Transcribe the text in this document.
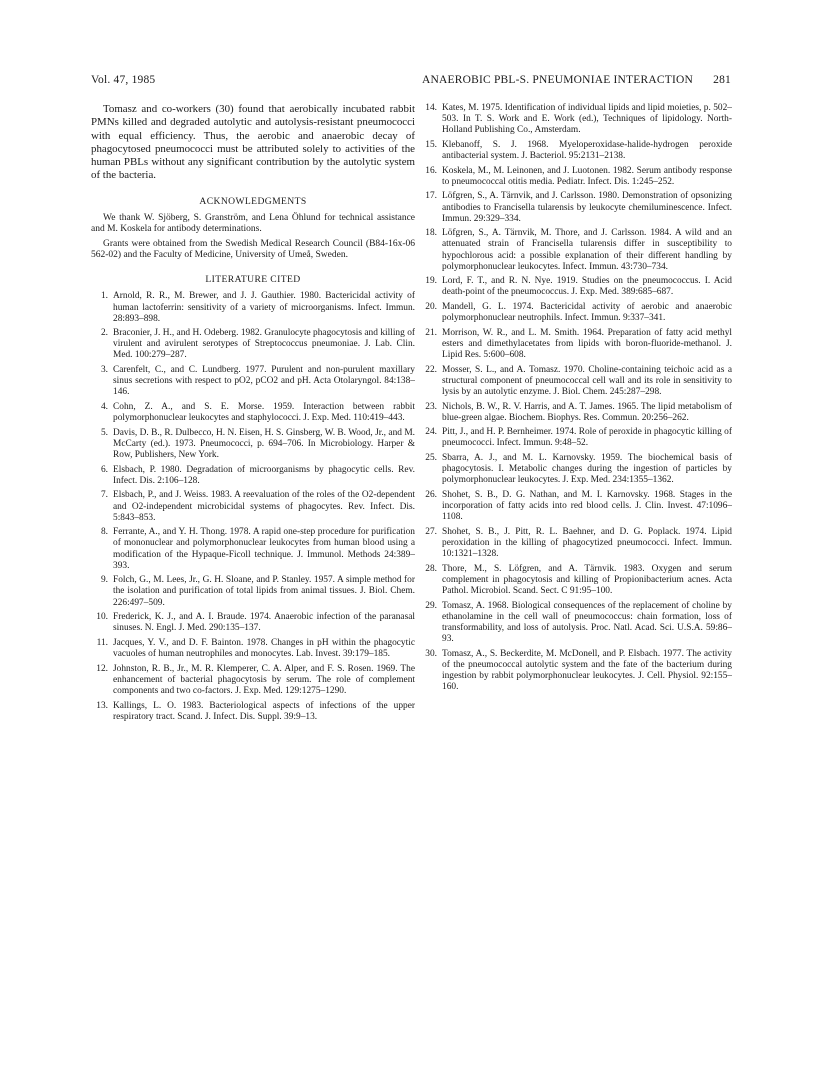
Vol. 47, 1985	ANAEROBIC PBL-S. PNEUMONIAE INTERACTION 281

Tomasz and co-workers (30) found that aerobically incubated rabbit PMNs killed and degraded autolytic and autolysis-resistant pneumococci with equal efficiency. Thus, the aerobic and anaerobic decay of phagocytosed pneumococci must be attributed solely to activities of the human PBLs without any significant contribution by the autolytic system of the bacteria.

ACKNOWLEDGMENTS

We thank W. Sjöberg, S. Granström, and Lena Öhlund for technical assistance and M. Koskela for antibody determinations.

Grants were obtained from the Swedish Medical Research Council (B84-16x-06 562-02) and the Faculty of Medicine, University of Umeå, Sweden.

LITERATURE CITED
1. Arnold, R. R., M. Brewer, and J. J. Gauthier. 1980. Bactericidal activity of human lactoferrin: sensitivity of a variety of microorganisms. Infect. Immun. 28:893–898.
2. Braconier, J. H., and H. Odeberg. 1982. Granulocyte phagocytosis and killing of virulent and avirulent serotypes of Streptococcus pneumoniae. J. Lab. Clin. Med. 100:279–287.
3. Carenfelt, C., and C. Lundberg. 1977. Purulent and non-purulent maxillary sinus secretions with respect to pO2, pCO2 and pH. Acta Otolaryngol. 84:138–146.
4. Cohn, Z. A., and S. E. Morse. 1959. Interaction between rabbit polymorphonuclear leukocytes and staphylococci. J. Exp. Med. 110:419–443.
5. Davis, D. B., R. Dulbecco, H. N. Eisen, H. S. Ginsberg, W. B. Wood, Jr., and M. McCarty (ed.). 1973. Pneumococci, p. 694–706. In Microbiology. Harper & Row, Publishers, New York.
6. Elsbach, P. 1980. Degradation of microorganisms by phagocytic cells. Rev. Infect. Dis. 2:106–128.
7. Elsbach, P., and J. Weiss. 1983. A reevaluation of the roles of the O2-dependent and O2-independent microbicidal systems of phagocytes. Rev. Infect. Dis. 5:843–853.
8. Ferrante, A., and Y. H. Thong. 1978. A rapid one-step procedure for purification of mononuclear and polymorphonuclear leukocytes from human blood using a modification of the Hypaque-Ficoll technique. J. Immunol. Methods 24:389–393.
9. Folch, G., M. Lees, Jr., G. H. Sloane, and P. Stanley. 1957. A simple method for the isolation and purification of total lipids from animal tissues. J. Biol. Chem. 226:497–509.
10. Frederick, K. J., and A. I. Braude. 1974. Anaerobic infection of the paranasal sinuses. N. Engl. J. Med. 290:135–137.
11. Jacques, Y. V., and D. F. Bainton. 1978. Changes in pH within the phagocytic vacuoles of human neutrophiles and monocytes. Lab. Invest. 39:179–185.
12. Johnston, R. B., Jr., M. R. Klemperer, C. A. Alper, and F. S. Rosen. 1969. The enhancement of bacterial phagocytosis by serum. The role of complement components and two co-factors. J. Exp. Med. 129:1275–1290.
13. Kallings, L. O. 1983. Bacteriological aspects of infections of the upper respiratory tract. Scand. J. Infect. Dis. Suppl. 39:9–13.
14. Kates, M. 1975. Identification of individual lipids and lipid moieties, p. 502–503. In T. S. Work and E. Work (ed.), Techniques of lipidology. North-Holland Publishing Co., Amsterdam.
15. Klebanoff, S. J. 1968. Myeloperoxidase-halide-hydrogen peroxide antibacterial system. J. Bacteriol. 95:2131–2138.
16. Koskela, M., M. Leinonen, and J. Luotonen. 1982. Serum antibody response to pneumococcal otitis media. Pediatr. Infect. Dis. 1:245–252.
17. Löfgren, S., A. Tärnvik, and J. Carlsson. 1980. Demonstration of opsonizing antibodies to Francisella tularensis by leukocyte chemiluminescence. Infect. Immun. 29:329–334.
18. Löfgren, S., A. Tärnvik, M. Thore, and J. Carlsson. 1984. A wild and an attenuated strain of Francisella tularensis differ in susceptibility to hypochlorous acid: a possible explanation of their different handling by polymorphonuclear leukocytes. Infect. Immun. 43:730–734.
19. Lord, F. T., and R. N. Nye. 1919. Studies on the pneumococcus. I. Acid death-point of the pneumococcus. J. Exp. Med. 389:685–687.
20. Mandell, G. L. 1974. Bactericidal activity of aerobic and anaerobic polymorphonuclear neutrophils. Infect. Immun. 9:337–341.
21. Morrison, W. R., and L. M. Smith. 1964. Preparation of fatty acid methyl esters and dimethylacetates from lipids with boron-fluoride-methanol. J. Lipid Res. 5:600–608.
22. Mosser, S. L., and A. Tomasz. 1970. Choline-containing teichoic acid as a structural component of pneumococcal cell wall and its role in sensitivity to lysis by an autolytic enzyme. J. Biol. Chem. 245:287–298.
23. Nichols, B. W., R. V. Harris, and A. T. James. 1965. The lipid metabolism of blue-green algae. Biochem. Biophys. Res. Commun. 20:256–262.
24. Pitt, J., and H. P. Bernheimer. 1974. Role of peroxide in phagocytic killing of pneumococci. Infect. Immun. 9:48–52.
25. Sbarra, A. J., and M. L. Karnovsky. 1959. The biochemical basis of phagocytosis. I. Metabolic changes during the ingestion of particles by polymorphonuclear leukocytes. J. Exp. Med. 234:1355–1362.
26. Shohet, S. B., D. G. Nathan, and M. I. Karnovsky. 1968. Stages in the incorporation of fatty acids into red blood cells. J. Clin. Invest. 47:1096–1108.
27. Shohet, S. B., J. Pitt, R. L. Baehner, and D. G. Poplack. 1974. Lipid peroxidation in the killing of phagocytized pneumococci. Infect. Immun. 10:1321–1328.
28. Thore, M., S. Löfgren, and A. Tärnvik. 1983. Oxygen and serum complement in phagocytosis and killing of Propionibacterium acnes. Acta Pathol. Microbiol. Scand. Sect. C 91:95–100.
29. Tomasz, A. 1968. Biological consequences of the replacement of choline by ethanolamine in the cell wall of pneumococcus: chain formation, loss of transformability, and loss of autolysis. Proc. Natl. Acad. Sci. U.S.A. 59:86–93.
30. Tomasz, A., S. Beckerdite, M. McDonell, and P. Elsbach. 1977. The activity of the pneumococcal autolytic system and the fate of the bacterium during ingestion by rabbit polymorphonuclear leukocytes. J. Cell. Physiol. 92:155–160.
